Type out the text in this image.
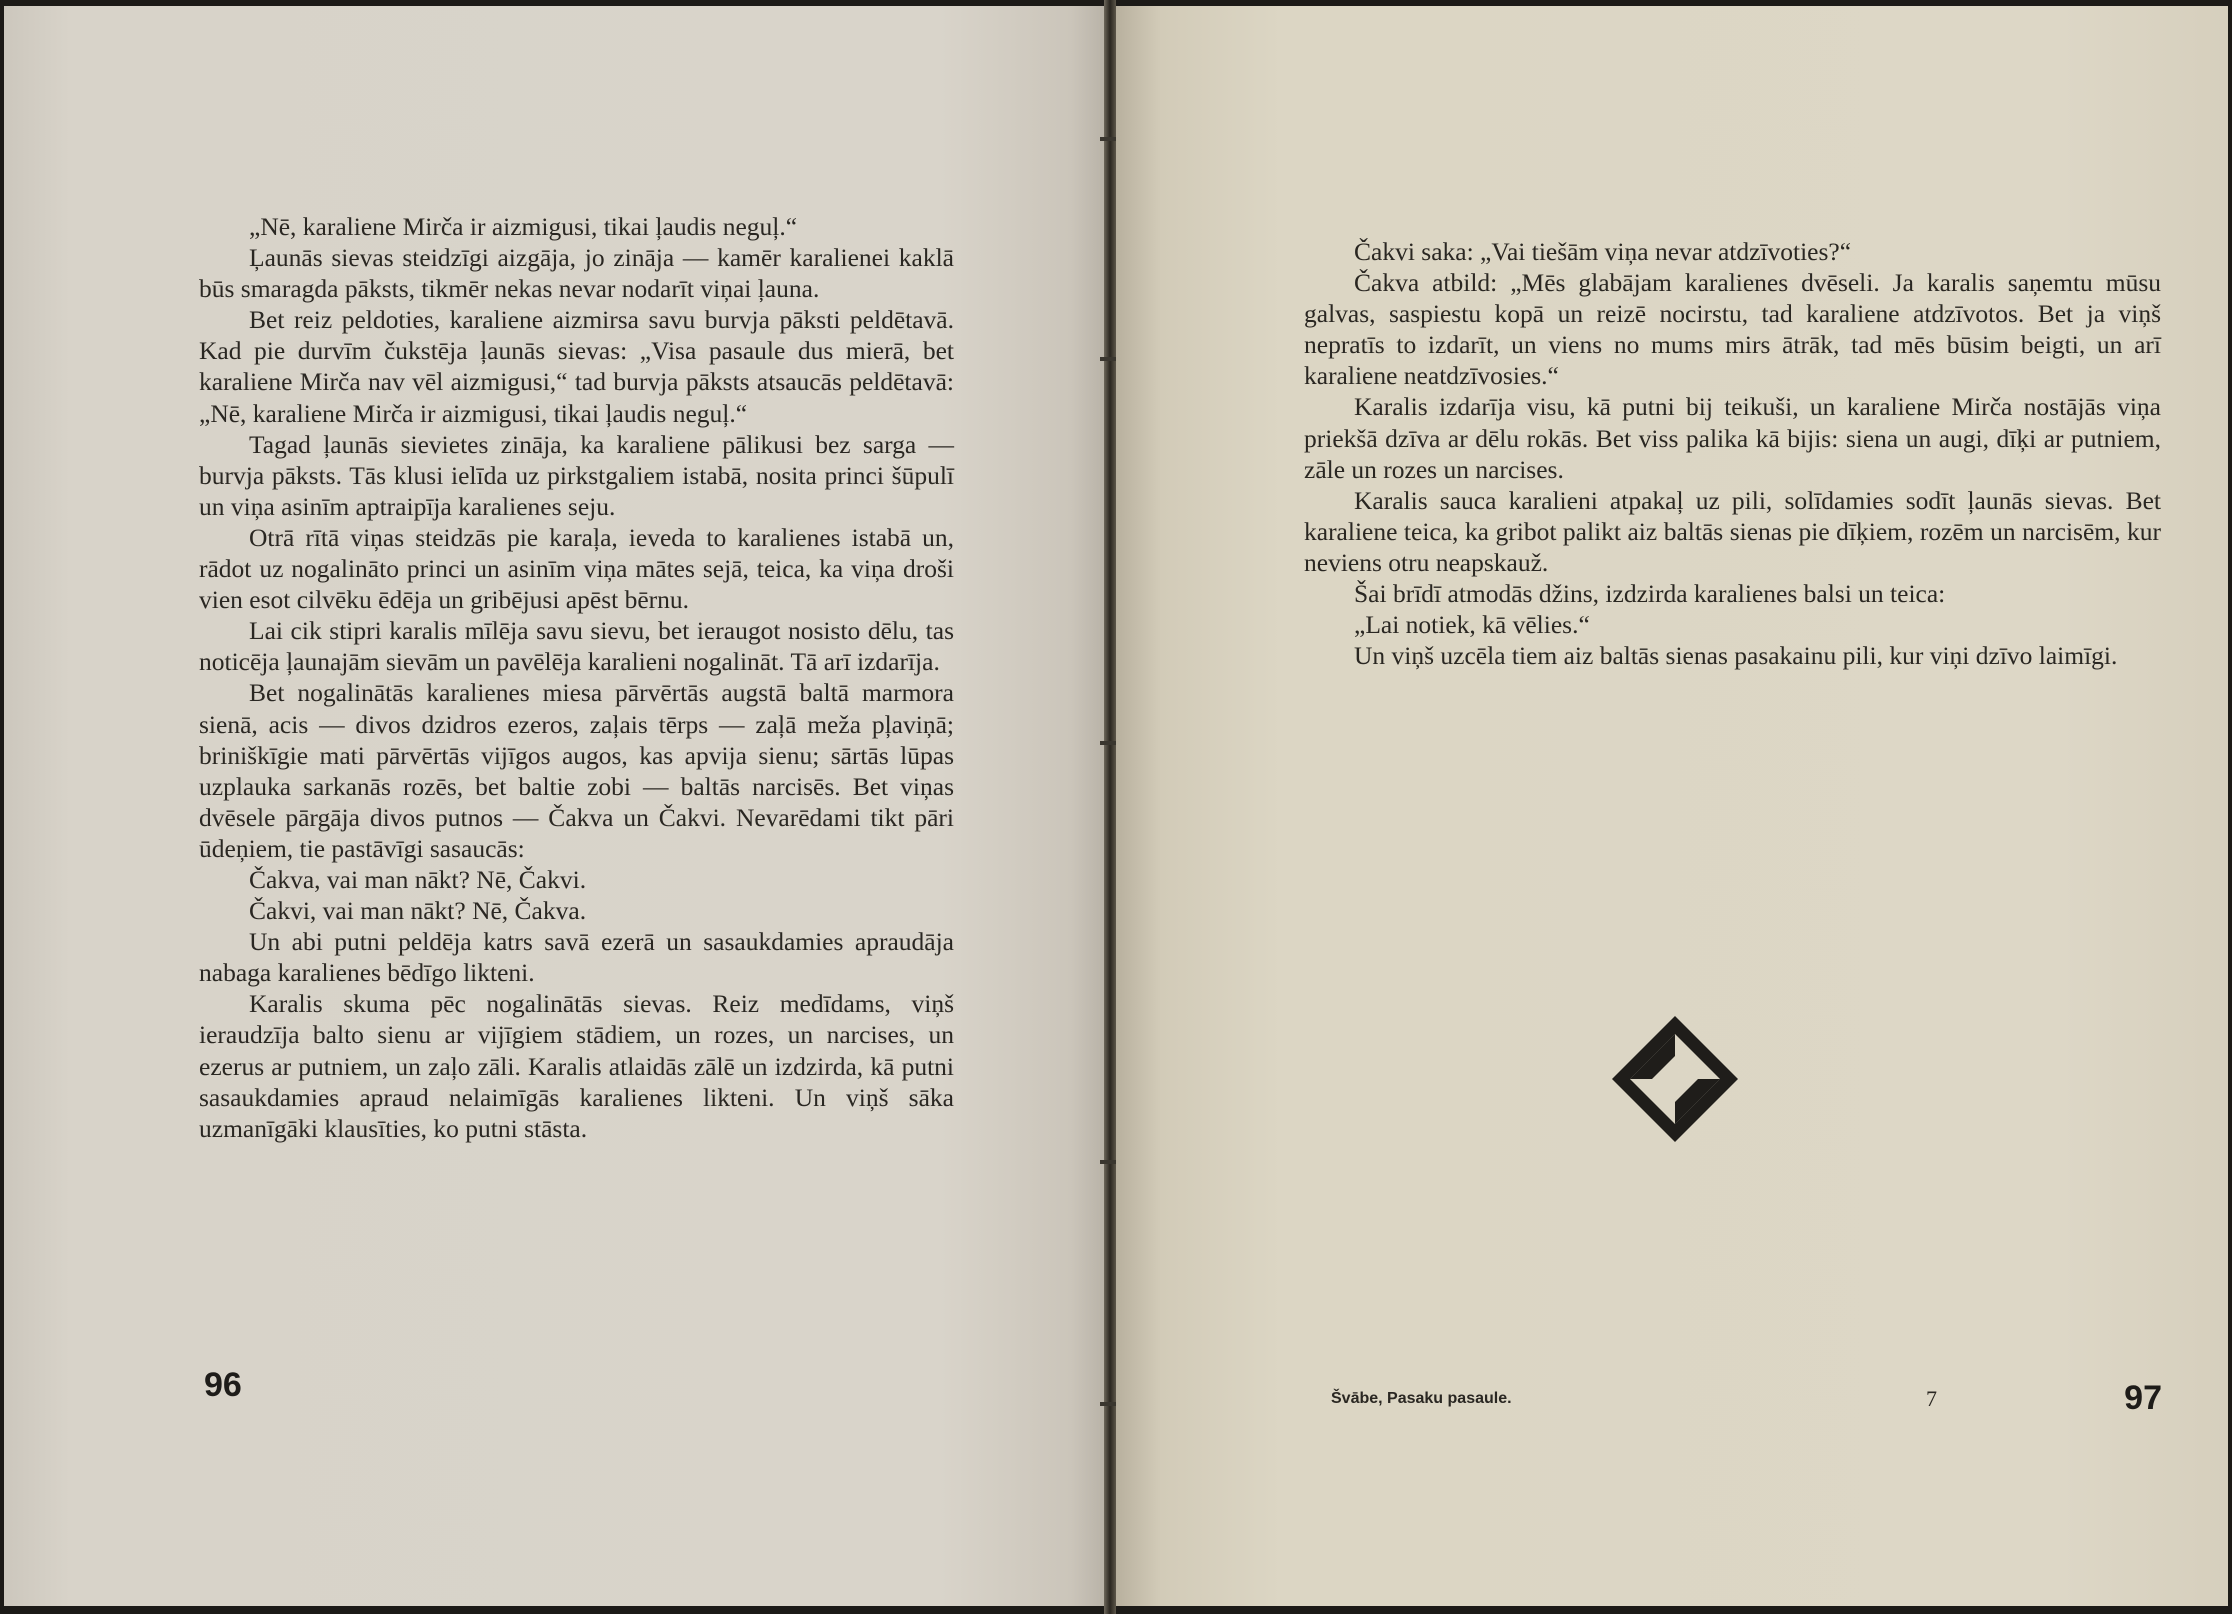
„Nē, karaliene Mirča ir aizmigusi, tikai ļaudis neguļ.“

Ļaunās sievas steidzīgi aizgāja, jo zināja — kamēr karalienei kaklā būs smaragda pāksts, tikmēr nekas nevar nodarīt viņai ļauna.

Bet reiz peldoties, karaliene aizmirsa savu burvja pāksti peldētavā. Kad pie durvīm čukstēja ļaunās sievas: „Visa pasaule dus mierā, bet karaliene Mirča nav vēl aizmigusi,“ tad burvja pāksts atsaucās peldētavā: „Nē, karaliene Mirča ir aizmigusi, tikai ļaudis neguļ.“

Tagad ļaunās sievietes zināja, ka karaliene pālikusi bez sarga — burvja pāksts. Tās klusi ielīda uz pirkstgaliem istabā, nosita princi šūpulī un viņa asinīm aptraipīja karalienes seju.

Otrā rītā viņas steidzās pie karaļa, ieveda to karalienes istabā un, rādot uz nogalināto princi un asinīm viņa mātes sejā, teica, ka viņa droši vien esot cilvēku ēdēja un gribējusi apēst bērnu.

Lai cik stipri karalis mīlēja savu sievu, bet ieraugot nosisto dēlu, tas noticēja ļaunajām sievām un pavēlēja karalieni nogalināt. Tā arī izdarīja.

Bet nogalinātās karalienes miesa pārvērtās augstā baltā marmora sienā, acis — divos dzidros ezeros, zaļais tērps — zaļā meža pļaviņā; briniškīgie mati pārvērtās vijīgos augos, kas apvija sienu; sārtās lūpas uzplauka sarkanās rozēs, bet baltie zobi — baltās narcisēs. Bet viņas dvēsele pārgāja divos putnos — Čakva un Čakvi. Nevarēdami tikt pāri ūdeņiem, tie pastāvīgi sasaucās:

Čakva, vai man nākt? Nē, Čakvi.

Čakvi, vai man nākt? Nē, Čakva.

Un abi putni peldēja katrs savā ezerā un sasaukdamies apraudāja nabaga karalienes bēdīgo likteni.

Karalis skuma pēc nogalinātās sievas. Reiz medīdams, viņš ieraudzīja balto sienu ar vijīgiem stādiem, un rozes, un narcises, un ezerus ar putniem, un zaļo zāli. Karalis atlaidās zālē un izdzirda, kā putni sasaukdamies apraud nelaimīgās karalienes likteni. Un viņš sāka uzmanīgāki klausīties, ko putni stāsta.

96

Čakvi saka: „Vai tiešām viņa nevar atdzīvoties?“

Čakva atbild: „Mēs glabājam karalienes dvēseli. Ja karalis saņemtu mūsu galvas, saspiestu kopā un reizē nocirstu, tad karaliene atdzīvotos. Bet ja viņš nepratīs to izdarīt, un viens no mums mirs ātrāk, tad mēs būsim beigti, un arī karaliene neatdzīvosies.“

Karalis izdarīja visu, kā putni bij teikuši, un karaliene Mirča nostājās viņa priekšā dzīva ar dēlu rokās. Bet viss palika kā bijis: siena un augi, dīķi ar putniem, zāle un rozes un narcises.

Karalis sauca karalieni atpakaļ uz pili, solīdamies sodīt ļaunās sievas. Bet karaliene teica, ka gribot palikt aiz baltās sienas pie dīķiem, rozēm un narcisēm, kur neviens otru neapskauž.

Šai brīdī atmodās džins, izdzirda karalienes balsi un teica:

„Lai notiek, kā vēlies.“

Un viņš uzcēla tiem aiz baltās sienas pasakainu pili, kur viņi dzīvo laimīgi.

Švābe, Pasaku pasaule.	7	97
